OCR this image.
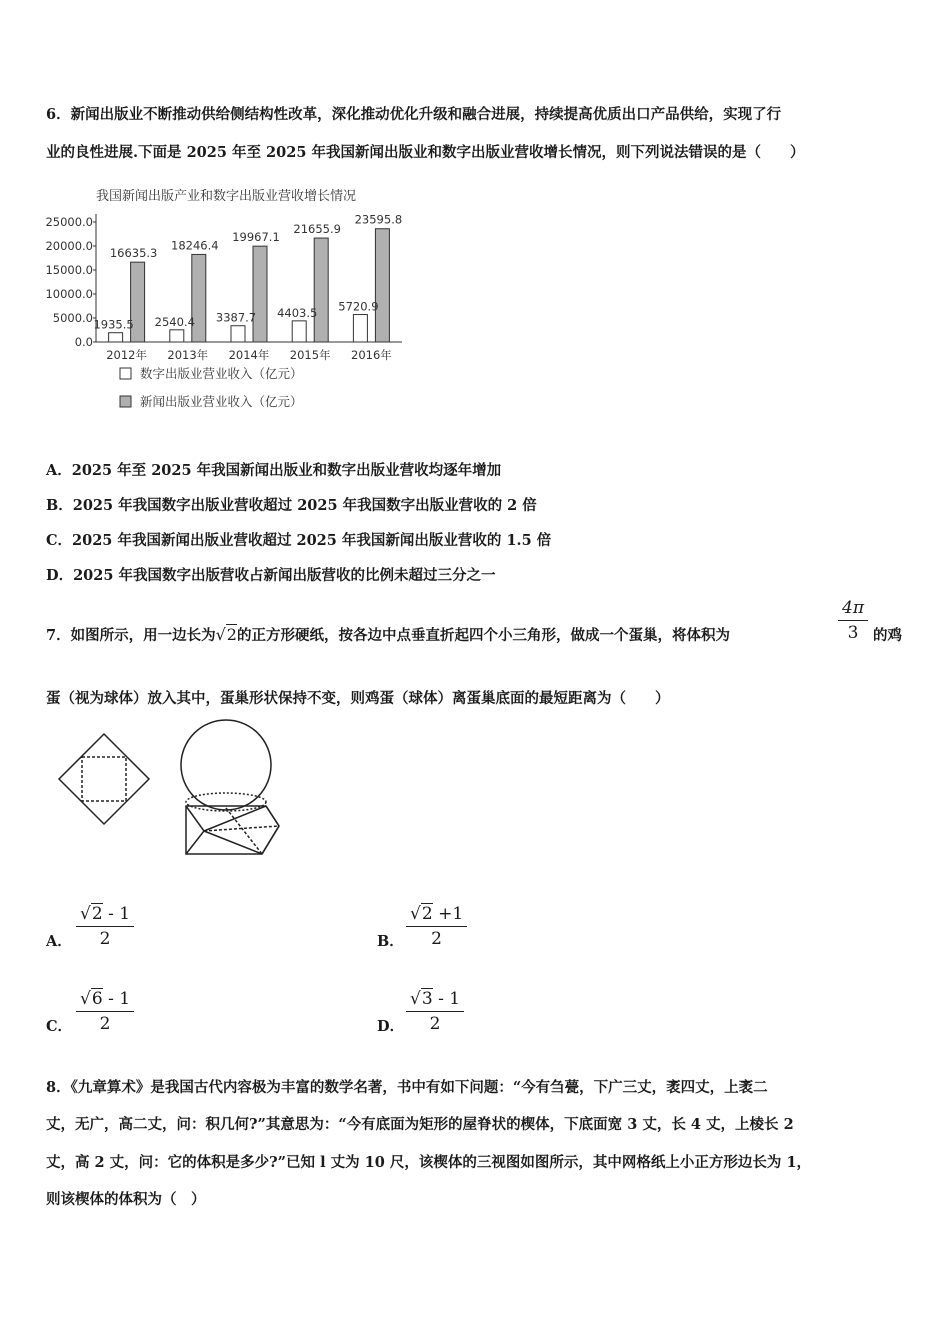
6．新闻出版业不断推动供给侧结构性改革，深化推动优化升级和融合进展，持续提高优质出口产品供给，实现了行
业的良性进展.下面是 2025 年至 2025 年我国新闻出版业和数字出版业营收增长情况，则下列说法错误的是（　　）
我国新闻出版产业和数字出版业营收增长情况
25000.0
20000.0
15000.0
10000.0
5000.0
0.0
1935.5
16635.3
2012年
2540.4
18246.4
2013年
3387.7
19967.1
2014年
4403.5
21655.9
2015年
5720.9
23595.8
2016年
数字出版业营业收入（亿元）
新闻出版业营业收入（亿元）
A．2025 年至 2025 年我国新闻出版业和数字出版业营收均逐年增加
B．2025 年我国数字出版业营收超过 2025 年我国数字出版业营收的 2 倍
C．2025 年我国新闻出版业营收超过 2025 年我国新闻出版业营收的 1.5 倍
D．2025 年我国数字出版营收占新闻出版营收的比例未超过三分之一
7．如图所示，用一边长为√2的正方形硬纸，按各边中点垂直折起四个小三角形，做成一个蛋巢，将体积为	$\frac{4\pi}{3}$ 的鸡
蛋（视为球体）放入其中，蛋巢形状保持不变，则鸡蛋（球体）离蛋巢底面的最短距离为（　　）
A． $\frac{√2 - 1}{2}$	B． $\frac{√2 +1}{2}$
C． $\frac{√6 - 1}{2}$	D． $\frac{√3 - 1}{2}$
8．《九章算术》是我国古代内容极为丰富的数学名著，书中有如下问题：“今有刍甍，下广三丈，袤四丈，上袤二
丈，无广，高二丈，问：积几何?”其意思为：“今有底面为矩形的屋脊状的楔体，下底面宽 3 丈，长 4 丈，上棱长 2
丈，高 2 丈，问：它的体积是多少?”已知 l 丈为 10 尺，该楔体的三视图如图所示，其中网格纸上小正方形边长为 1，
则该楔体的体积为（　）
